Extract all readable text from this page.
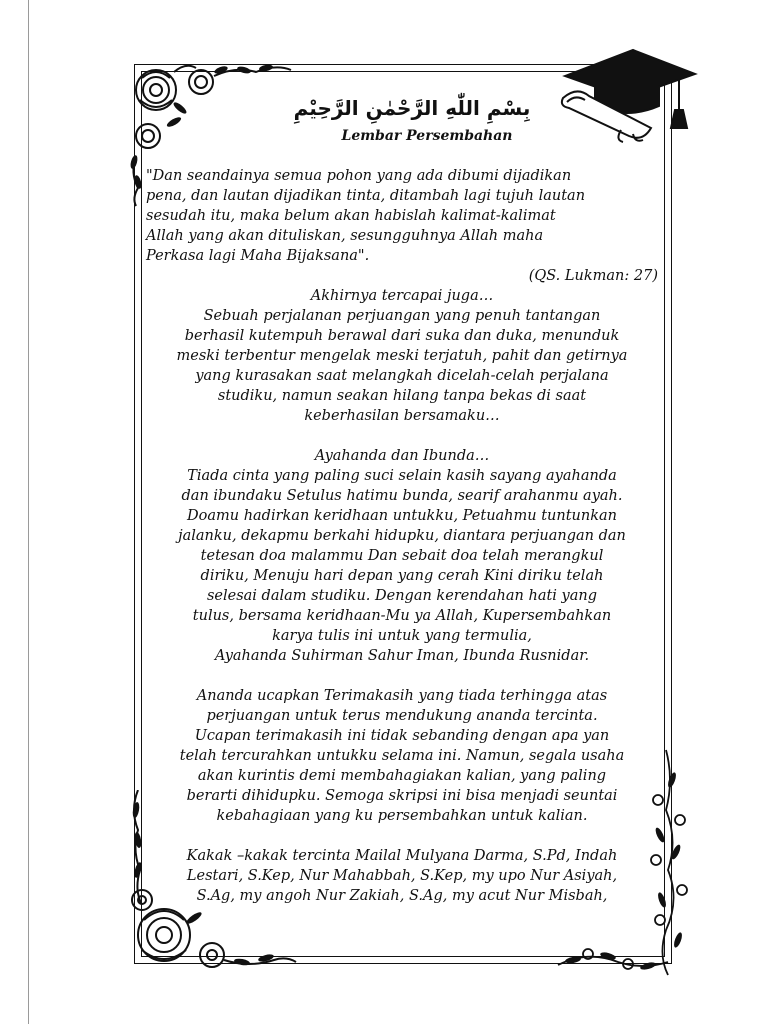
بِسْمِ اللّٰهِ الرَّحْمٰنِ الرَّحِيْمِ
Lembar Persembahan
"Dan seandainya semua pohon yang ada dibumi dijadikan
pena, dan lautan dijadikan tinta, ditambah lagi tujuh lautan
sesudah itu, maka belum akan habislah kalimat-kalimat
Allah yang akan dituliskan, sesungguhnya Allah maha
Perkasa lagi Maha Bijaksana".
(QS. Lukman: 27)
Akhirnya tercapai juga…
Sebuah perjalanan perjuangan yang penuh tantangan
berhasil kutempuh berawal dari suka dan duka, menunduk
meski terbentur mengelak meski terjatuh, pahit dan getirnya
yang kurasakan saat melangkah dicelah-celah perjalana
studiku, namun seakan hilang tanpa bekas di saat
keberhasilan bersamaku…
Ayahanda dan Ibunda…
Tiada cinta yang paling suci selain kasih sayang ayahanda
dan ibundaku Setulus hatimu bunda, searif arahanmu ayah.
Doamu hadirkan keridhaan untukku, Petuahmu tuntunkan
jalanku, dekapmu berkahi hidupku, diantara perjuangan dan
tetesan doa malammu Dan sebait doa telah merangkul
diriku, Menuju hari depan yang cerah Kini diriku telah
selesai dalam studiku. Dengan kerendahan hati yang
tulus, bersama keridhaan-Mu ya Allah, Kupersembahkan
karya tulis ini untuk yang termulia,
Ayahanda Suhirman Sahur Iman, Ibunda Rusnidar.
Ananda ucapkan Terimakasih yang tiada terhingga atas
perjuangan untuk terus mendukung ananda tercinta.
Ucapan terimakasih ini tidak sebanding dengan apa yan
telah tercurahkan untukku selama ini. Namun, segala usaha
akan kurintis demi membahagiakan kalian, yang paling
berarti dihidupku. Semoga skripsi ini bisa menjadi seuntai
kebahagiaan yang ku persembahkan untuk kalian.
Kakak –kakak tercinta Mailal Mulyana Darma, S.Pd, Indah
Lestari, S.Kep, Nur Mahabbah, S.Kep, my upo Nur Asiyah,
S.Ag, my angoh Nur Zakiah, S.Ag, my acut Nur Misbah,
